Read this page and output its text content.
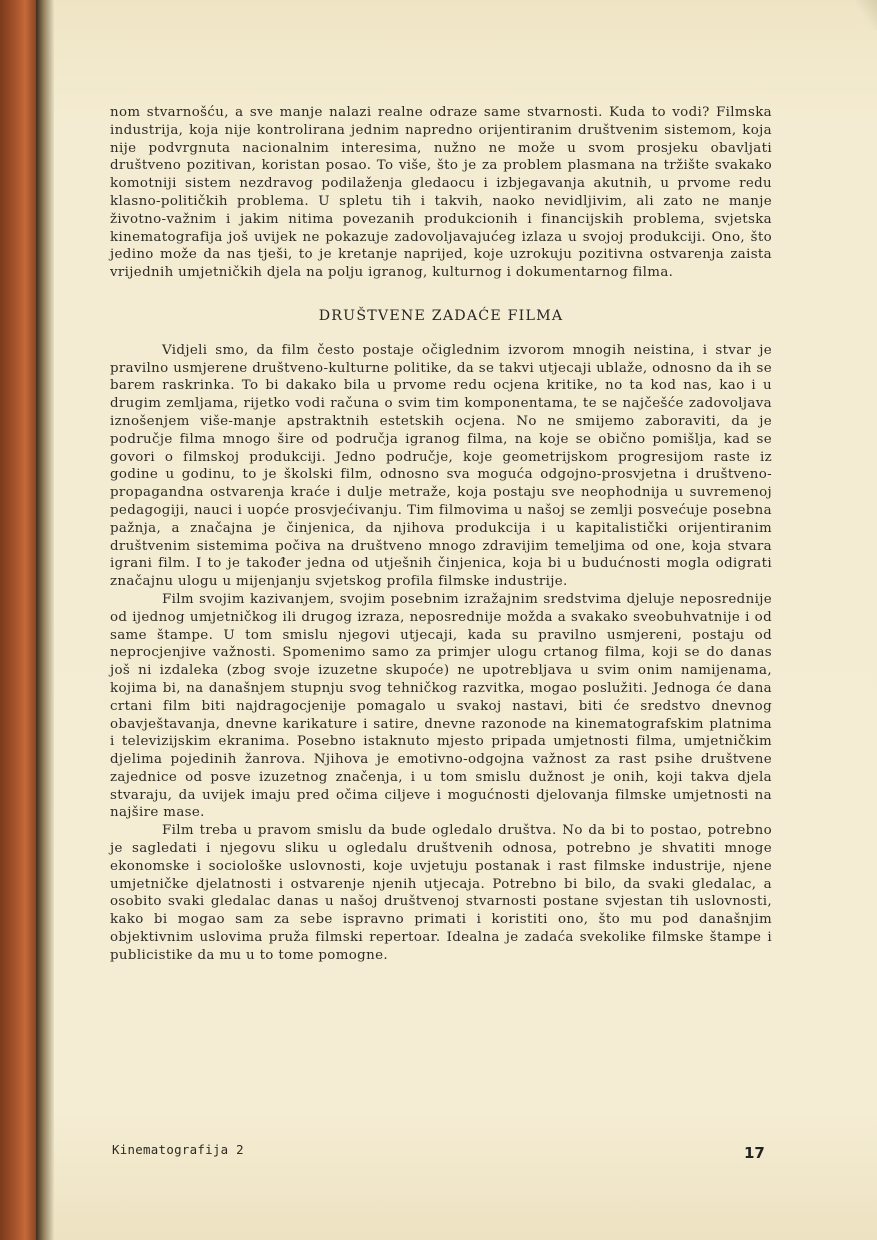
nom stvarnošću, a sve manje nalazi realne odraze same stvarnosti. Kuda to vodi? Filmska industrija, koja nije kontrolirana jednim napredno orijentiranim društvenim sistemom, koja nije podvrgnuta nacionalnim interesima, nužno ne može u svom prosjeku obavljati društveno pozitivan, koristan posao. To više, što je za problem plasmana na tržište svakako komotniji sistem nezdravog podilaženja gledaocu i izbjegavanja akutnih, u prvome redu klasno-političkih problema. U spletu tih i takvih, naoko nevidljivim, ali zato ne manje životno-važnim i jakim nitima povezanih produkcionih i financijskih problema, svjetska kinematografija još uvijek ne pokazuje zadovoljavajućeg izlaza u svojoj produkciji. Ono, što jedino može da nas tješi, to je kretanje naprijed, koje uzrokuju pozitivna ostvarenja zaista vrijednih umjetničkih djela na polju igranog, kulturnog i dokumentarnog filma.

DRUŠTVENE ZADAĆE FILMA

Vidjeli smo, da film često postaje očiglednim izvorom mnogih neistina, i stvar je pravilno usmjerene društveno-kulturne politike, da se takvi utjecaji ublaže, odnosno da ih se barem raskrinka. To bi dakako bila u prvome redu ocjena kritike, no ta kod nas, kao i u drugim zemljama, rijetko vodi računa o svim tim komponentama, te se najčešće zadovoljava iznošenjem više-manje apstraktnih estetskih ocjena. No ne smijemo zaboraviti, da je područje filma mnogo šire od područja igranog filma, na koje se obično pomišlja, kad se govori o filmskoj produkciji. Jedno područje, koje geometrijskom progresijom raste iz godine u godinu, to je školski film, odnosno sva moguća odgojno-prosvjetna i društveno-propagandna ostvarenja kraće i dulje metraže, koja postaju sve neophodnija u suvremenoj pedagogiji, nauci i uopće prosvjećivanju. Tim filmovima u našoj se zemlji posvećuje posebna pažnja, a značajna je činjenica, da njihova produkcija i u kapitalistički orijentiranim društvenim sistemima počiva na društveno mnogo zdravijim temeljima od one, koja stvara igrani film. I to je također jedna od utješnih činjenica, koja bi u budućnosti mogla odigrati značajnu ulogu u mijenjanju svjetskog profila filmske industrije.

Film svojim kazivanjem, svojim posebnim izražajnim sredstvima djeluje neposrednije od ijednog umjetničkog ili drugog izraza, neposrednije možda a svakako sveobuhvatnije i od same štampe. U tom smislu njegovi utjecaji, kada su pravilno usmjereni, postaju od neprocjenjive važnosti. Spomenimo samo za primjer ulogu crtanog filma, koji se do danas još ni izdaleka (zbog svoje izuzetne skupoće) ne upotrebljava u svim onim namijenama, kojima bi, na današnjem stupnju svog tehničkog razvitka, mogao poslužiti. Jednoga će dana crtani film biti najdragocjenije pomagalo u svakoj nastavi, biti će sredstvo dnevnog obavještavanja, dnevne karikature i satire, dnevne razonode na kinematografskim platnima i televizijskim ekranima. Posebno istaknuto mjesto pripada umjetnosti filma, umjetničkim djelima pojedinih žanrova. Njihova je emotivno-odgojna važnost za rast psihe društvene zajednice od posve izuzetnog značenja, i u tom smislu dužnost je onih, koji takva djela stvaraju, da uvijek imaju pred očima ciljeve i mogućnosti djelovanja filmske umjetnosti na najšire mase.

Film treba u pravom smislu da bude ogledalo društva. No da bi to postao, potrebno je sagledati i njegovu sliku u ogledalu društvenih odnosa, potrebno je shvatiti mnoge ekonomske i sociološke uslovnosti, koje uvjetuju postanak i rast filmske industrije, njene umjetničke djelatnosti i ostvarenje njenih utjecaja. Potrebno bi bilo, da svaki gledalac, a osobito svaki gledalac danas u našoj društvenoj stvarnosti postane svjestan tih uslovnosti, kako bi mogao sam za sebe ispravno primati i koristiti ono, što mu pod današnjim objektivnim uslovima pruža filmski repertoar. Idealna je zadaća svekolike filmske štampe i publicistike da mu u to tome pomogne.

Kinematografija 2	17
